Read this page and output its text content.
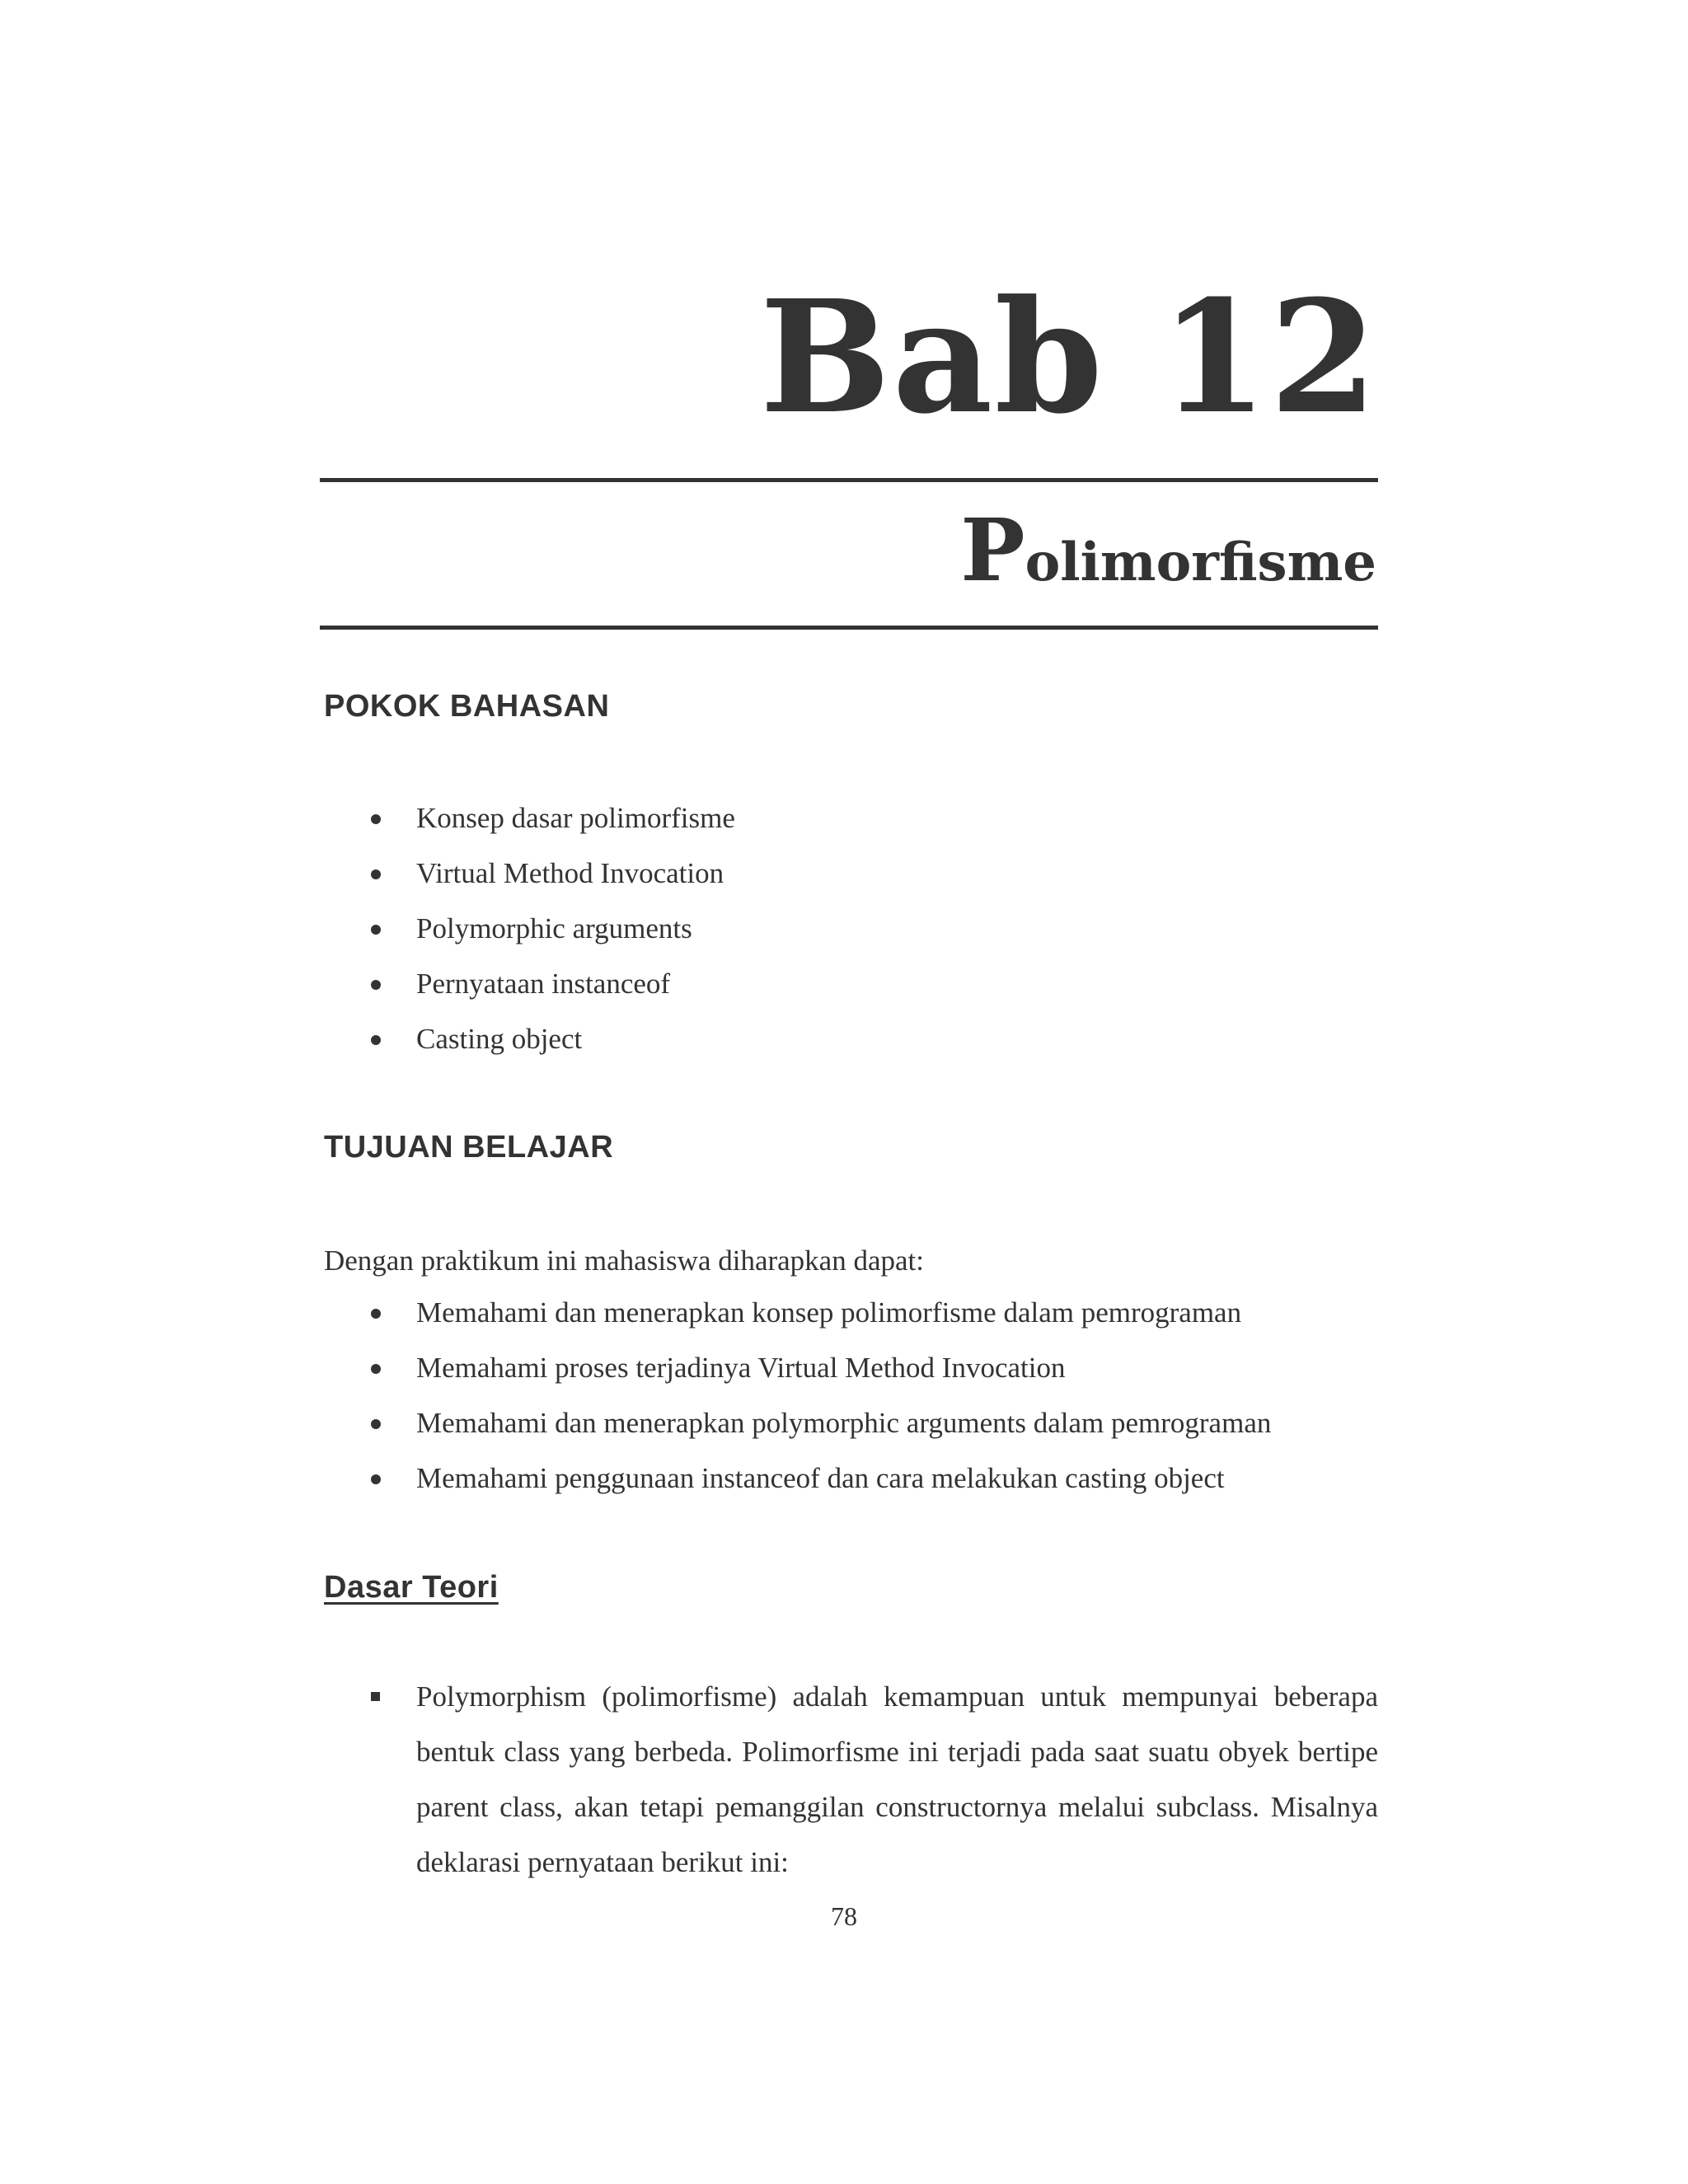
Bab 12
Polimorfisme
POKOK BAHASAN
Konsep dasar polimorfisme
Virtual Method Invocation
Polymorphic arguments
Pernyataan instanceof
Casting object
TUJUAN BELAJAR

Dengan praktikum ini mahasiswa diharapkan dapat:

Memahami dan menerapkan konsep polimorfisme dalam pemrograman
Memahami proses terjadinya Virtual Method Invocation
Memahami dan menerapkan polymorphic arguments dalam pemrograman
Memahami penggunaan instanceof dan cara melakukan casting object
Dasar Teori

Polymorphism (polimorfisme) adalah kemampuan untuk mempunyai beberapa bentuk class yang berbeda. Polimorfisme ini terjadi pada saat suatu obyek bertipe parent class, akan tetapi pemanggilan constructornya melalui subclass. Misalnya deklarasi pernyataan berikut ini:

78
